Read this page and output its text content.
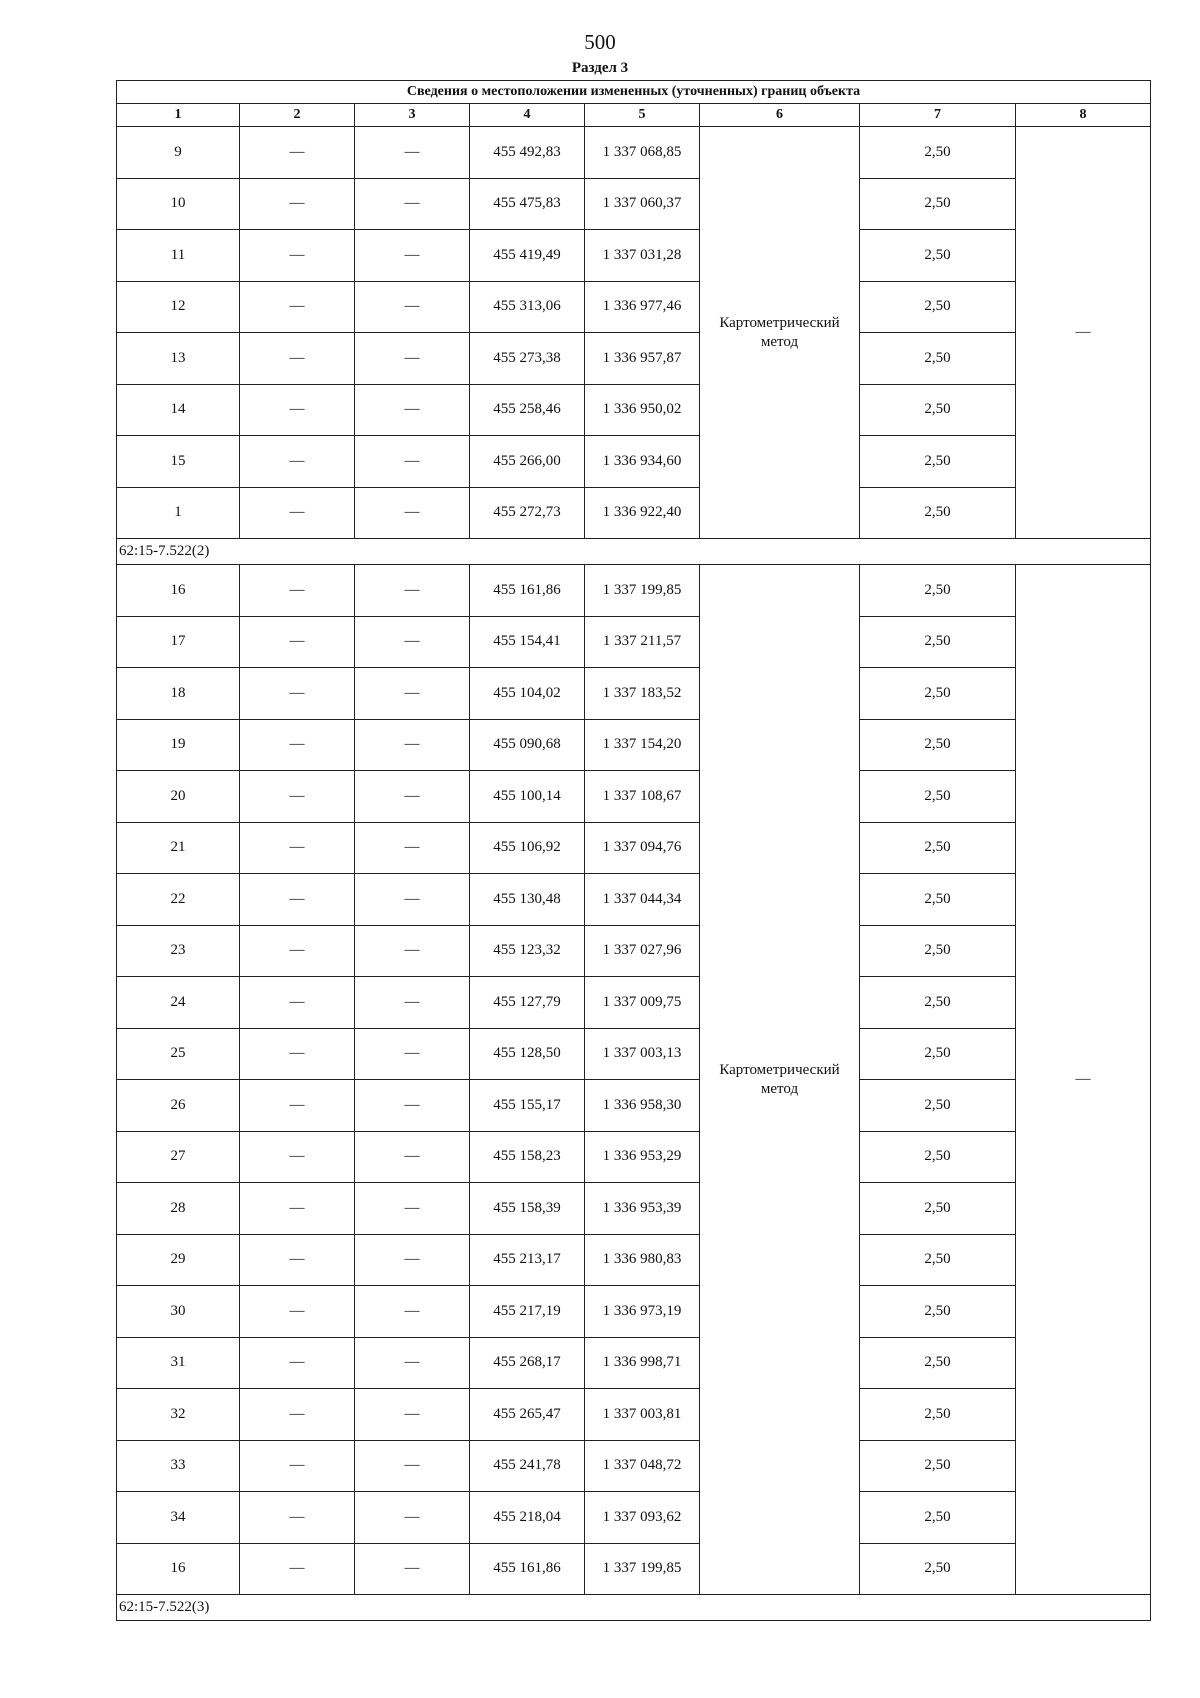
500
Раздел 3
Сведения о местоположении измененных (уточненных) границ объекта							
1	2	3	4	5	6	7	8
9	—	—	455 492,83	1 337 068,85	Картометрический метод	2,50	—
10	—	—	455 475,83	1 337 060,37		2,50	
11	—	—	455 419,49	1 337 031,28		2,50	
12	—	—	455 313,06	1 336 977,46		2,50	
13	—	—	455 273,38	1 336 957,87		2,50	
14	—	—	455 258,46	1 336 950,02		2,50	
15	—	—	455 266,00	1 336 934,60		2,50	
1	—	—	455 272,73	1 336 922,40		2,50	
62:15-7.522(2)							
16	—	—	455 161,86	1 337 199,85	Картометрический метод	2,50	—
17	—	—	455 154,41	1 337 211,57		2,50	
18	—	—	455 104,02	1 337 183,52		2,50	
19	—	—	455 090,68	1 337 154,20		2,50	
20	—	—	455 100,14	1 337 108,67		2,50	
21	—	—	455 106,92	1 337 094,76		2,50	
22	—	—	455 130,48	1 337 044,34		2,50	
23	—	—	455 123,32	1 337 027,96		2,50	
24	—	—	455 127,79	1 337 009,75		2,50	
25	—	—	455 128,50	1 337 003,13		2,50	
26	—	—	455 155,17	1 336 958,30		2,50	
27	—	—	455 158,23	1 336 953,29		2,50	
28	—	—	455 158,39	1 336 953,39		2,50	
29	—	—	455 213,17	1 336 980,83		2,50	
30	—	—	455 217,19	1 336 973,19		2,50	
31	—	—	455 268,17	1 336 998,71		2,50	
32	—	—	455 265,47	1 337 003,81		2,50	
33	—	—	455 241,78	1 337 048,72		2,50	
34	—	—	455 218,04	1 337 093,62		2,50	
16	—	—	455 161,86	1 337 199,85		2,50	
62:15-7.522(3)							
